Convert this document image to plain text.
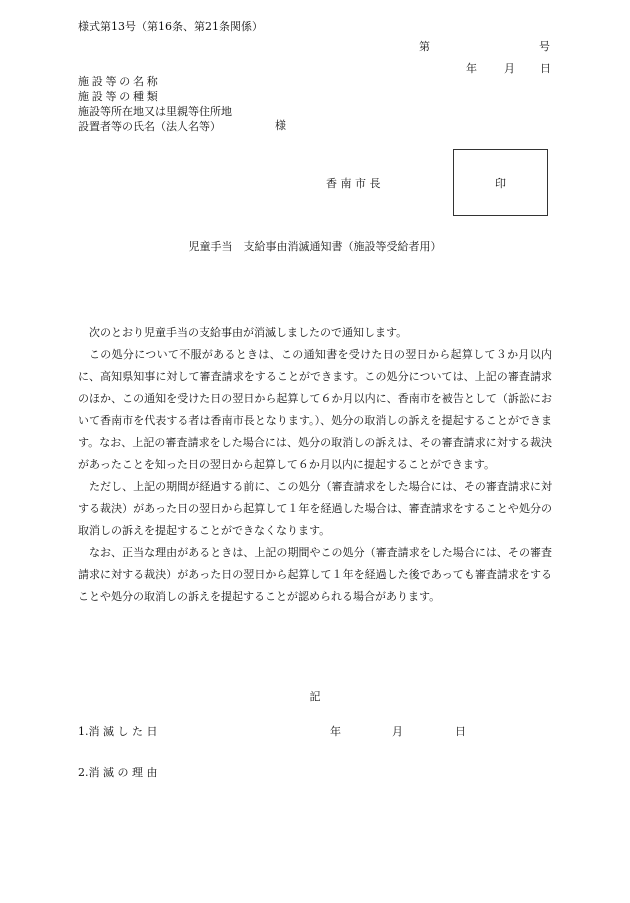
様式第13号（第16条、第21条関係）
第	号
年 月 日
施設等の名称
施設等の種類
施設等所在地又は里親等住所地
設置者等の氏名（法人名等）	様
香 南 市 長	印
児童手当　支給事由消滅通知書（施設等受給者用）

次のとおり児童手当の支給事由が消滅しましたので通知します。

この処分について不服があるときは、この通知書を受けた日の翌日から起算して３か月以内に、高知県知事に対して審査請求をすることができます。この処分については、上記の審査請求のほか、この通知を受けた日の翌日から起算して６か月以内に、香南市を被告として（訴訟において香南市を代表する者は香南市長となります。）、処分の取消しの訴えを提起することができます。なお、上記の審査請求をした場合には、処分の取消しの訴えは、その審査請求に対する裁決があったことを知った日の翌日から起算して６か月以内に提起することができます。

ただし、上記の期間が経過する前に、この処分（審査請求をした場合には、その審査請求に対する裁決）があった日の翌日から起算して１年を経過した場合は、審査請求をすることや処分の取消しの訴えを提起することができなくなります。

なお、正当な理由があるときは、上記の期間やこの処分（審査請求をした場合には、その審査請求に対する裁決）があった日の翌日から起算して１年を経過した後であっても審査請求をすることや処分の取消しの訴えを提起することが認められる場合があります。

記
1.消 滅 し た 日	年	月	日
2.消 滅 の 理 由
